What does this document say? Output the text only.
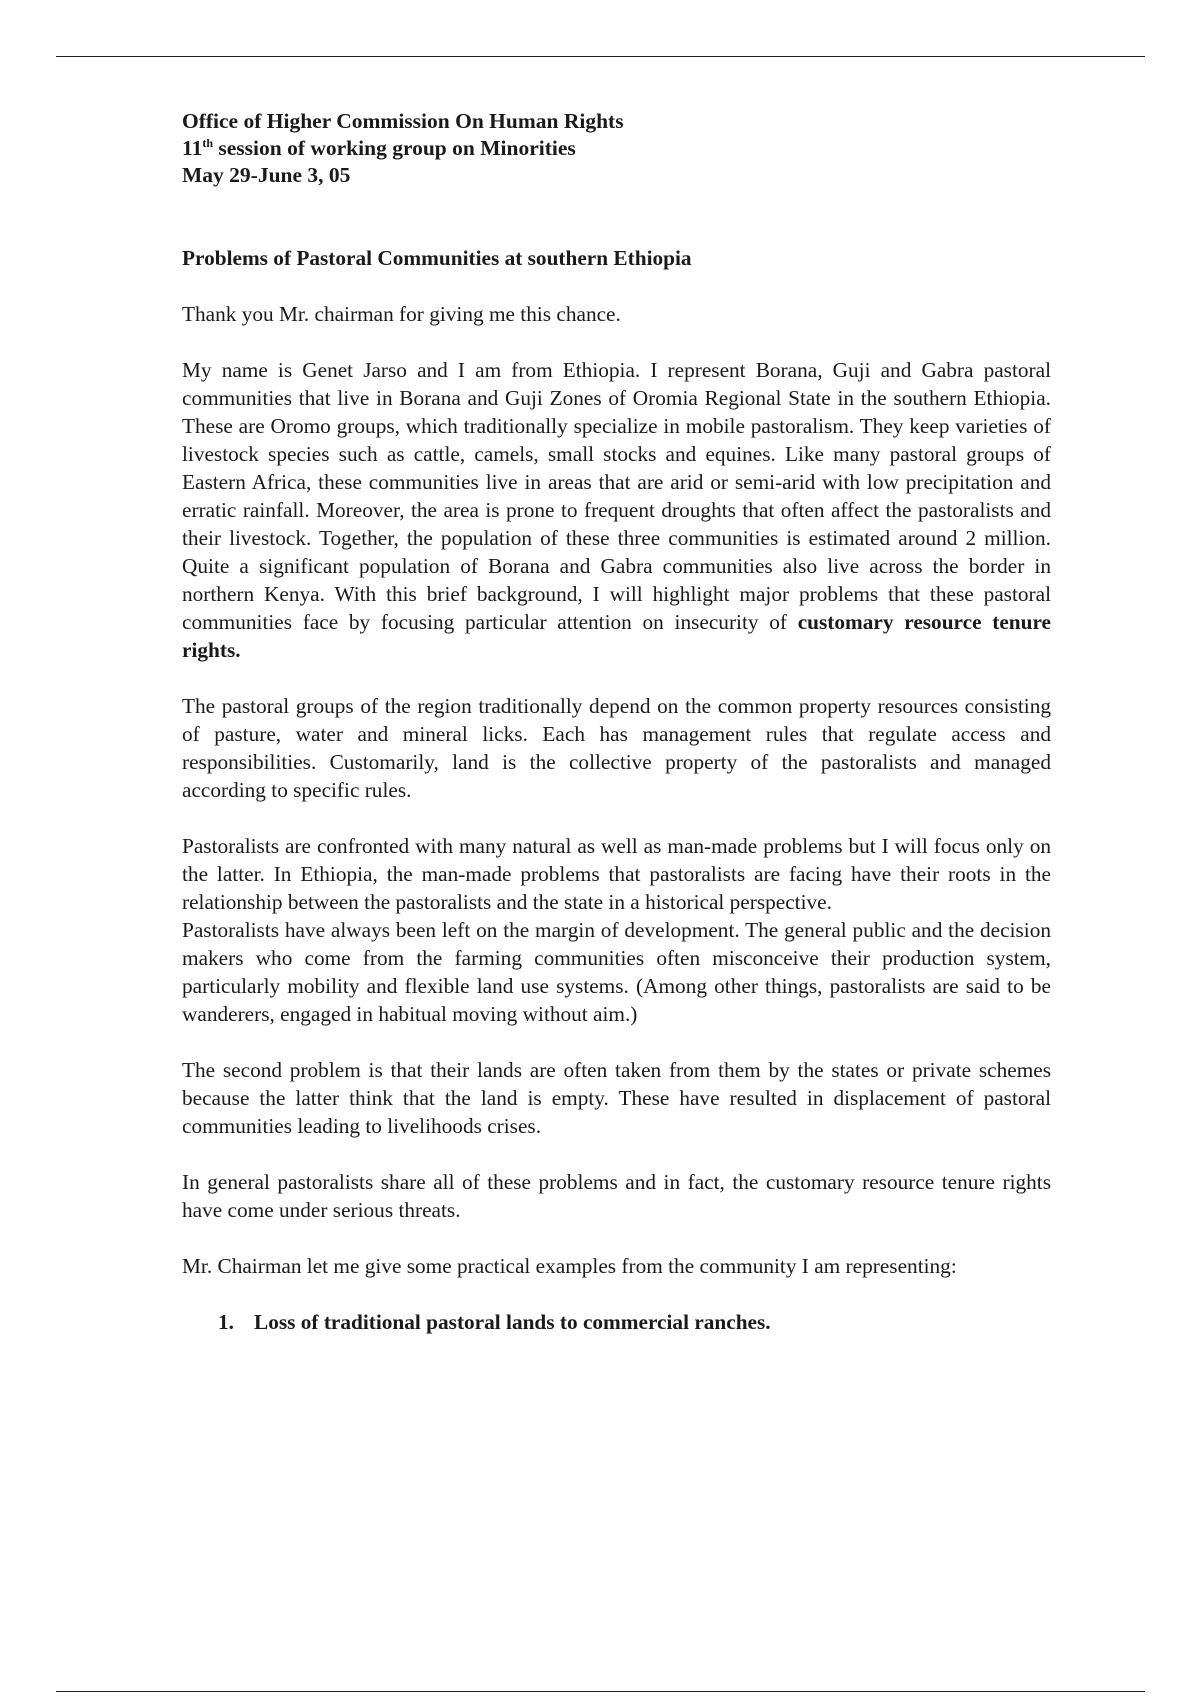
Office of Higher Commission On Human Rights
11th session of working group on Minorities
May 29-June 3, 05
Problems of Pastoral Communities at southern Ethiopia

Thank you Mr. chairman for giving me this chance.

My name is Genet Jarso and I am from Ethiopia. I represent Borana, Guji and Gabra pastoral communities that live in Borana and Guji Zones of Oromia Regional State in the southern Ethiopia. These are Oromo groups, which traditionally specialize in mobile pastoralism. They keep varieties of livestock species such as cattle, camels, small stocks and equines. Like many pastoral groups of Eastern Africa, these communities live in areas that are arid or semi-arid with low precipitation and erratic rainfall. Moreover, the area is prone to frequent droughts that often affect the pastoralists and their livestock. Together, the population of these three communities is estimated around 2 million. Quite a significant population of Borana and Gabra communities also live across the border in northern Kenya. With this brief background, I will highlight major problems that these pastoral communities face by focusing particular attention on insecurity of customary resource tenure rights.

The pastoral groups of the region traditionally depend on the common property resources consisting of pasture, water and mineral licks. Each has management rules that regulate access and responsibilities. Customarily, land is the collective property of the pastoralists and managed according to specific rules.

Pastoralists are confronted with many natural as well as man-made problems but I will focus only on the latter. In Ethiopia, the man-made problems that pastoralists are facing have their roots in the relationship between the pastoralists and the state in a historical perspective.

Pastoralists have always been left on the margin of development. The general public and the decision makers who come from the farming communities often misconceive their production system, particularly mobility and flexible land use systems. (Among other things, pastoralists are said to be wanderers, engaged in habitual moving without aim.)

The second problem is that their lands are often taken from them by the states or private schemes because the latter think that the land is empty. These have resulted in displacement of pastoral communities leading to livelihoods crises.

In general pastoralists share all of these problems and in fact, the customary resource tenure rights have come under serious threats.

Mr. Chairman let me give some practical examples from the community I am representing:

1. Loss of traditional pastoral lands to commercial ranches.
